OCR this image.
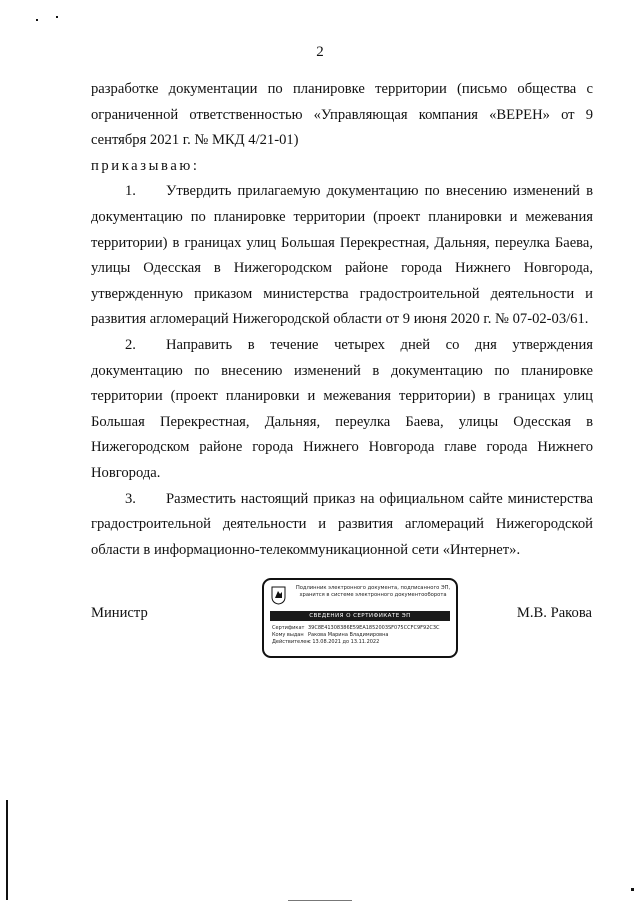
2

разработке документации по планировке территории (письмо общества с ограниченной ответственностью «Управляющая компания «ВЕРЕН» от 9 сентября 2021 г. № МКД 4/21-01)

приказываю:

1. Утвердить прилагаемую документацию по внесению изменений в документацию по планировке территории (проект планировки и межевания территории) в границах улиц Большая Перекрестная, Дальняя, переулка Баева, улицы Одесская в Нижегородском районе города Нижнего Новгорода, утвержденную приказом министерства градостроительной деятельности и развития агломераций Нижегородской области от 9 июня 2020 г. № 07-02-03/61.

2. Направить в течение четырех дней со дня утверждения документацию по внесению изменений в документацию по планировке территории (проект планировки и межевания территории) в границах улиц Большая Перекрестная, Дальняя, переулка Баева, улицы Одесская в Нижегородском районе города Нижнего Новгорода главе города Нижнего Новгорода.

3. Разместить настоящий приказ на официальном сайте министерства градостроительной деятельности и развития агломераций Нижегородской области в информационно-телекоммуникационной сети «Интернет».

Министр	М.В. Ракова
Подлинник электронного документа, подписанного ЭП,
хранится в системе электронного документооборота
СВЕДЕНИЯ О СЕРТИФИКАТЕ ЭП
Сертификат 39C8E41308386E59EA1852003SF075CCFC9F92C3C
Кому выдан Ракова Марина Владимировна
Действителенс 13.08.2021 до 13.11.2022
